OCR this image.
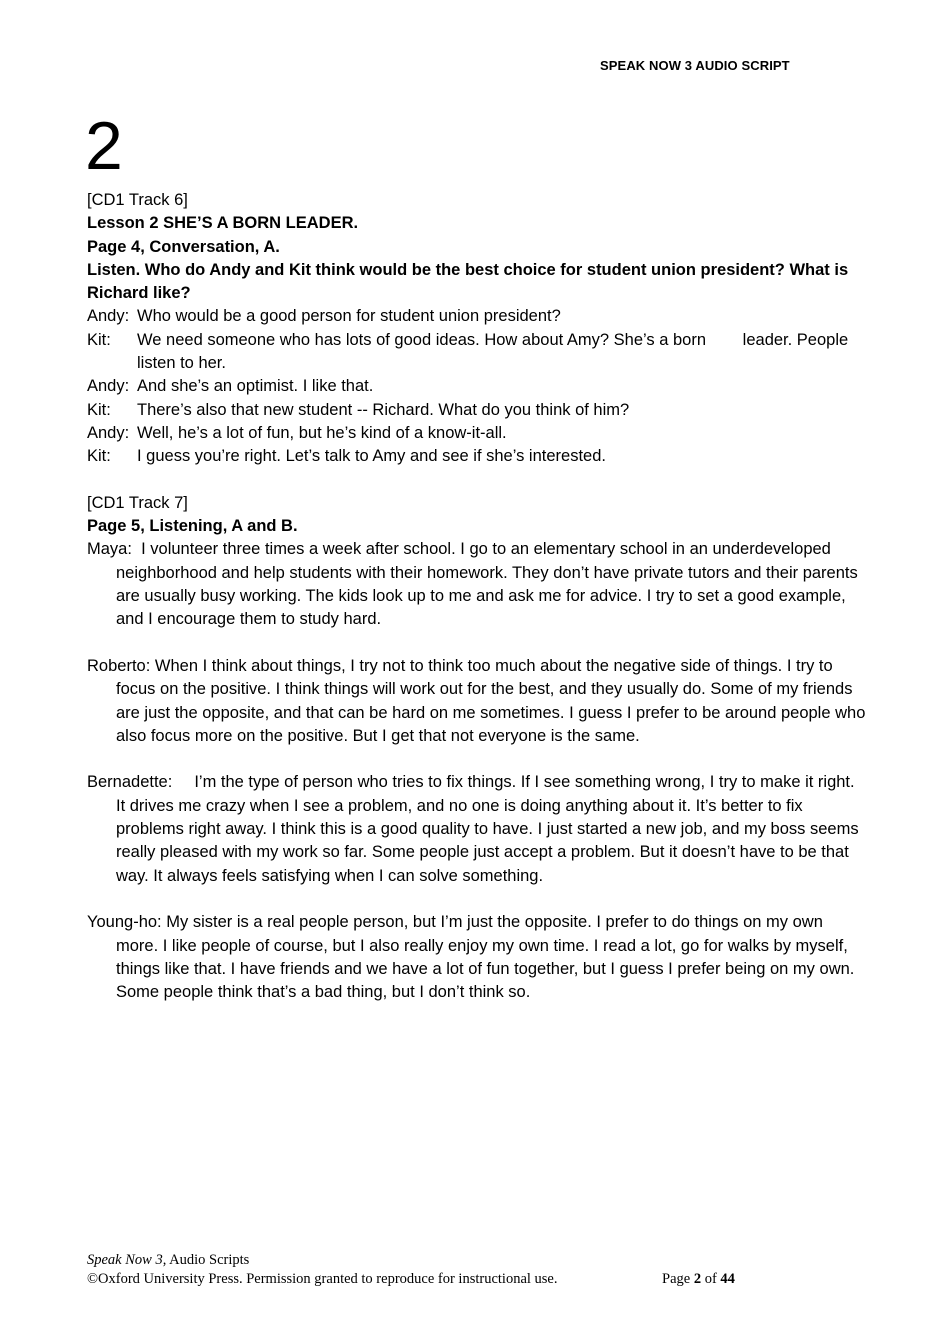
SPEAK NOW 3 AUDIO SCRIPT
2

[CD1 Track 6]

Lesson 2 SHE’S A BORN LEADER.

Page 4, Conversation, A.

Listen. Who do Andy and Kit think would be the best choice for student union president? What is Richard like?

Andy: Who would be a good person for student union president?
Kit:	We need someone who has lots of good ideas. How about Amy? She’s a born        leader. People listen to her.
Andy: And she’s an optimist. I like that.
Kit:	There’s also that new student -- Richard. What do you think of him?
Andy: Well, he’s a lot of fun, but he’s kind of a know-it-all.
Kit:	I guess you’re right. Let’s talk to Amy and see if she’s interested.

[CD1 Track 7]

Page 5, Listening, A and B.

Maya:  I volunteer three times a week after school. I go to an elementary school in an underdeveloped neighborhood and help students with their homework. They don’t have private tutors and their parents are usually busy working. The kids look up to me and ask me for advice. I try to set a good example, and I encourage them to study hard.

Roberto: When I think about things, I try not to think too much about the negative side of things. I try to focus on the positive. I think things will work out for the best, and they usually do. Some of my friends are just the opposite, and that can be hard on me sometimes. I guess I prefer to be around people who also focus more on the positive. But I get that not everyone is the same.

Bernadette: I’m the type of person who tries to fix things. If I see something wrong, I try to make it right. It drives me crazy when I see a problem, and no one is doing anything about it. It’s better to fix problems right away. I think this is a good quality to have. I just started a new job, and my boss seems really pleased with my work so far. Some people just accept a problem. But it doesn’t have to be that way. It always feels satisfying when I can solve something.

Young-ho: My sister is a real people person, but I’m just the opposite. I prefer to do things on my own more. I like people of course, but I also really enjoy my own time. I read a lot, go for walks by myself, things like that. I have friends and we have a lot of fun together, but I guess I prefer being on my own. Some people think that’s a bad thing, but I don’t think so.

Speak Now 3, Audio Scripts
©Oxford University Press. Permission granted to reproduce for instructional use.	Page 2 of 44
